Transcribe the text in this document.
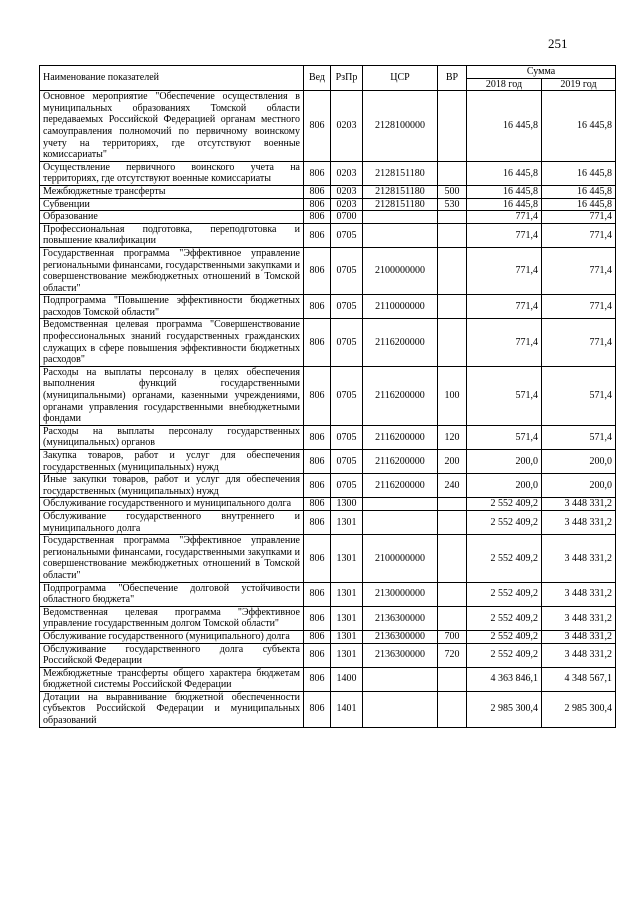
251
Наименование показателей	Вед	РзПр	ЦСР	ВР	Сумма	
					2018 год	2019 год
Основное мероприятие "Обеспечение осуществления в муниципальных образованиях Томской области передаваемых Российской Федерацией органам местного самоуправления полномочий по первичному воинскому учету на территориях, где отсутствуют военные комиссариаты"	806	0203	2128100000		16 445,8	16 445,8
Осуществление первичного воинского учета на территориях, где отсутствуют военные комиссариаты	806	0203	2128151180		16 445,8	16 445,8
Межбюджетные трансферты	806	0203	2128151180	500	16 445,8	16 445,8
Субвенции	806	0203	2128151180	530	16 445,8	16 445,8
Образование	806	0700			771,4	771,4
Профессиональная подготовка, переподготовка и повышение квалификации	806	0705			771,4	771,4
Государственная программа "Эффективное управление региональными финансами, государственными закупками и совершенствование межбюджетных отношений в Томской области"	806	0705	2100000000		771,4	771,4
Подпрограмма "Повышение эффективности бюджетных расходов Томской области"	806	0705	2110000000		771,4	771,4
Ведомственная целевая программа "Совершенствование профессиональных знаний государственных гражданских служащих в сфере повышения эффективности бюджетных расходов"	806	0705	2116200000		771,4	771,4
Расходы на выплаты персоналу в целях обеспечения выполнения функций государственными (муниципальными) органами, казенными учреждениями, органами управления государственными внебюджетными фондами	806	0705	2116200000	100	571,4	571,4
Расходы на выплаты персоналу государственных (муниципальных) органов	806	0705	2116200000	120	571,4	571,4
Закупка товаров, работ и услуг для обеспечения государственных (муниципальных) нужд	806	0705	2116200000	200	200,0	200,0
Иные закупки товаров, работ и услуг для обеспечения государственных (муниципальных) нужд	806	0705	2116200000	240	200,0	200,0
Обслуживание государственного и муниципального долга	806	1300			2 552 409,2	3 448 331,2
Обслуживание государственного внутреннего и муниципального долга	806	1301			2 552 409,2	3 448 331,2
Государственная программа "Эффективное управление региональными финансами, государственными закупками и совершенствование межбюджетных отношений в Томской области"	806	1301	2100000000		2 552 409,2	3 448 331,2
Подпрограмма "Обеспечение долговой устойчивости областного бюджета"	806	1301	2130000000		2 552 409,2	3 448 331,2
Ведомственная целевая программа "Эффективное управление государственным долгом Томской области"	806	1301	2136300000		2 552 409,2	3 448 331,2
Обслуживание государственного (муниципального) долга	806	1301	2136300000	700	2 552 409,2	3 448 331,2
Обслуживание государственного долга субъекта Российской Федерации	806	1301	2136300000	720	2 552 409,2	3 448 331,2
Межбюджетные трансферты общего характера бюджетам бюджетной системы Российской Федерации	806	1400			4 363 846,1	4 348 567,1
Дотации на выравнивание бюджетной обеспеченности субъектов Российской Федерации и муниципальных образований	806	1401			2 985 300,4	2 985 300,4
